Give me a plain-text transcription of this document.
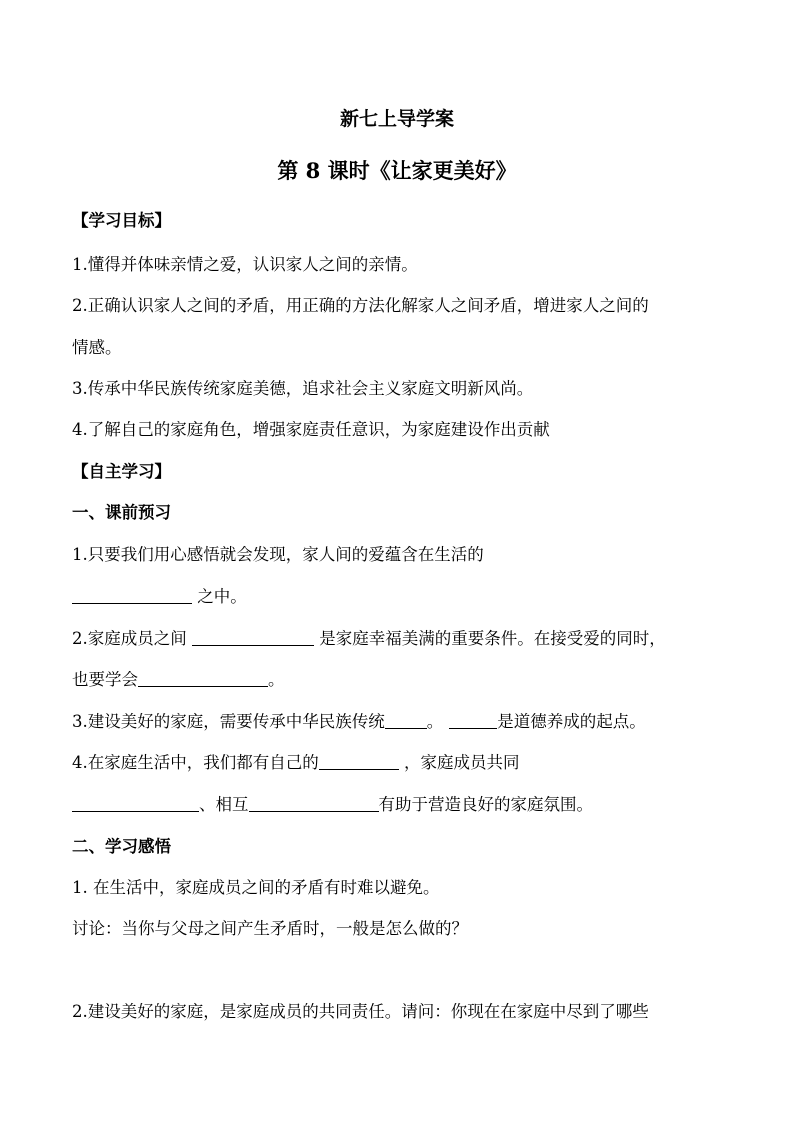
新七上导学案
第 8 课时《让家更美好》
【学习目标】
1.懂得并体味亲情之爱，认识家人之间的亲情。
2.正确认识家人之间的矛盾，用正确的方法化解家人之间矛盾，增进家人之间的
情感。
3.传承中华民族传统家庭美德，追求社会主义家庭文明新风尚。
4.了解自己的家庭角色，增强家庭责任意识，为家庭建设作出贡献
【自主学习】
一、课前预习
1.只要我们用心感悟就会发现，家人间的爱蕴含在生活的
之中。
2.家庭成员之间	是家庭幸福美满的重要条件。在接受爱的同时，
也要学会	。
3.建设美好的家庭，需要传承中华民族传统	。	是道德养成的起点。
4.在家庭生活中，我们都有自己的	，家庭成员共同
、相互	有助于营造良好的家庭氛围。
二、学习感悟
1. 在生活中，家庭成员之间的矛盾有时难以避免。
讨论：当你与父母之间产生矛盾时，一般是怎么做的？
2.建设美好的家庭，是家庭成员的共同责任。请问：你现在在家庭中尽到了哪些
